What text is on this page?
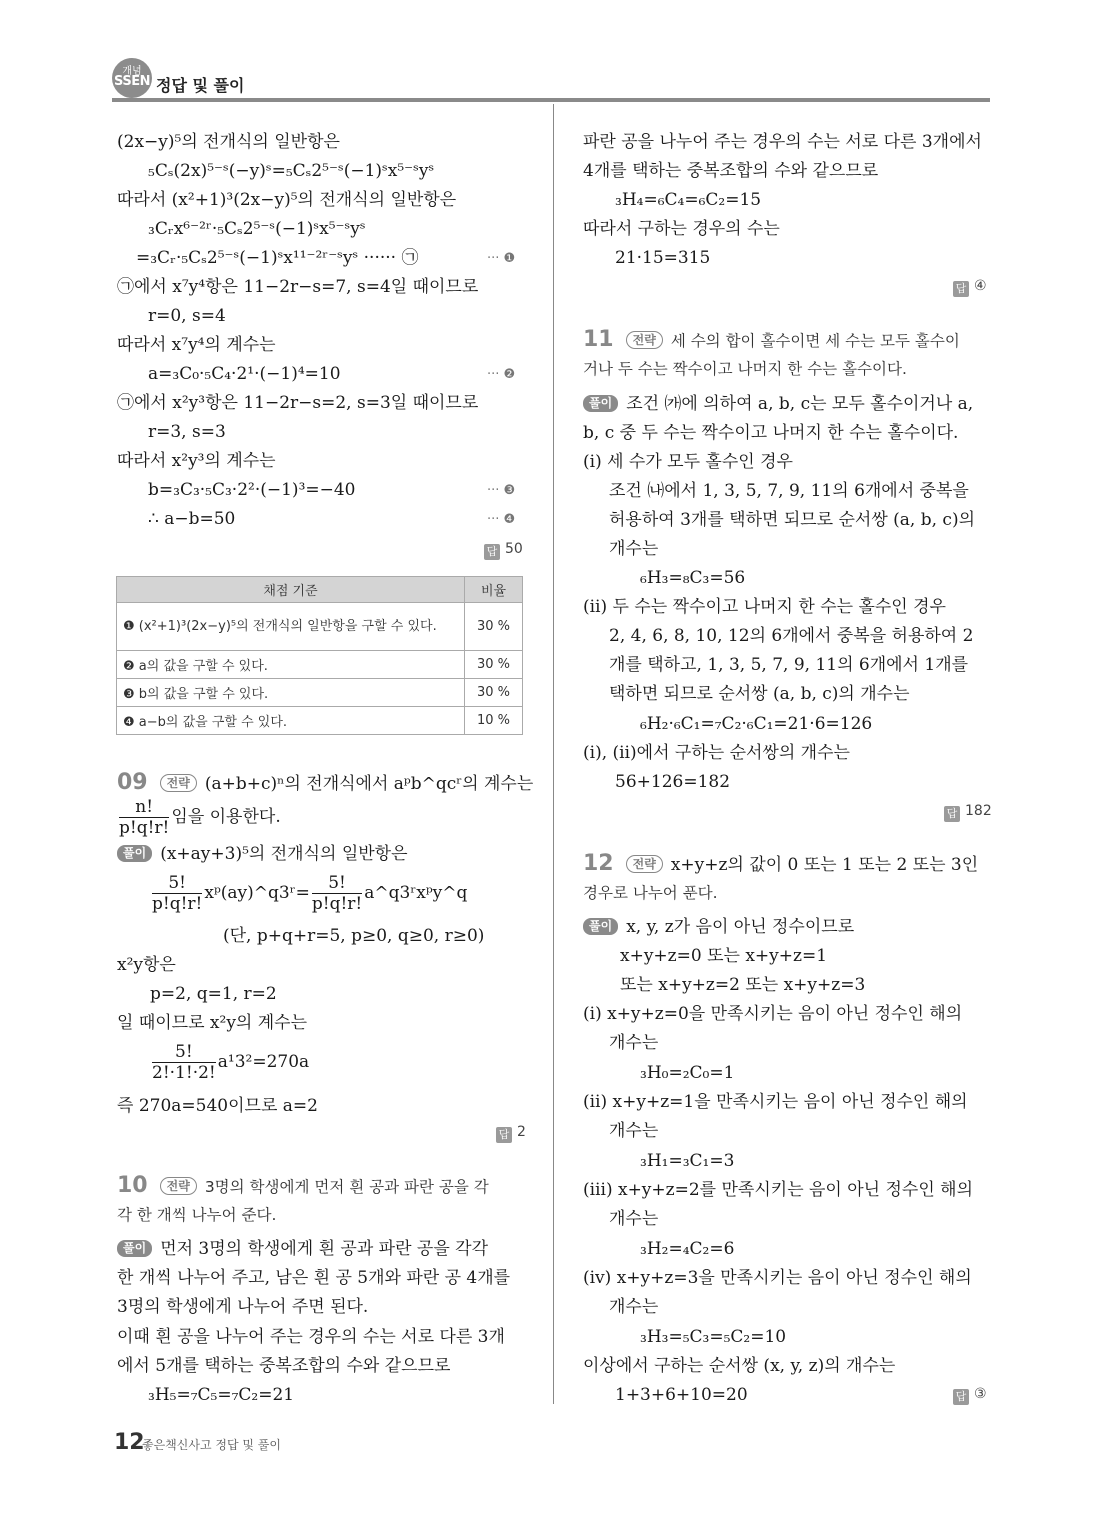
개념
SSEN 정답 및 풀이
(2x−y)⁵의 전개식의 일반항은
₅Cₛ(2x)⁵⁻ˢ(−y)ˢ=₅Cₛ2⁵⁻ˢ(−1)ˢx⁵⁻ˢyˢ
따라서 (x²+1)³(2x−y)⁵의 전개식의 일반항은
₃Cᵣx⁶⁻²ʳ·₅Cₛ2⁵⁻ˢ(−1)ˢx⁵⁻ˢyˢ
=₃Cᵣ·₅Cₛ2⁵⁻ˢ(−1)ˢx¹¹⁻²ʳ⁻ˢyˢ ······ ㉠	··· ❶
㉠에서 x⁷y⁴항은 11−2r−s=7, s=4일 때이므로
r=0, s=4
따라서 x⁷y⁴의 계수는
a=₃C₀·₅C₄·2¹·(−1)⁴=10	··· ❷
㉠에서 x²y³항은 11−2r−s=2, s=3일 때이므로
r=3, s=3
따라서 x²y³의 계수는
b=₃C₃·₅C₃·2²·(−1)³=−40	··· ❸
∴ a−b=50	··· ❹
답 50
채점 기준	비율
❶ (x²+1)³(2x−y)⁵의 전개식의 일반항을 구할 수 있다.	30 %
❷ a의 값을 구할 수 있다.	30 %
❸ b의 값을 구할 수 있다.	30 %
❹ a−b의 값을 구할 수 있다.	10 %
09 전략 (a+b+c)ⁿ의 전개식에서 aᵖb^qcʳ의 계수는
$\frac{n!}{p!q!r!}$ 임을 이용한다.
풀이 (x+ay+3)⁵의 전개식의 일반항은
$\frac{5!}{p!q!r!}$ xᵖ(ay)^q3ʳ= $\frac{5!}{p!q!r!}$ a^q3ʳxᵖy^q
(단, p+q+r=5, p≥0, q≥0, r≥0)
x²y항은
p=2, q=1, r=2
일 때이므로 x²y의 계수는
$\frac{5!}{2!\cdot 1!\cdot 2!} a^13^2=270a$
즉 270a=540이므로 a=2
답 2
10 전략 3명의 학생에게 먼저 흰 공과 파란 공을 각
각 한 개씩 나누어 준다.
풀이 먼저 3명의 학생에게 흰 공과 파란 공을 각각
한 개씩 나누어 주고, 남은 흰 공 5개와 파란 공 4개를
3명의 학생에게 나누어 주면 된다.
이때 흰 공을 나누어 주는 경우의 수는 서로 다른 3개
에서 5개를 택하는 중복조합의 수와 같으므로
₃H₅=₇C₅=₇C₂=21
파란 공을 나누어 주는 경우의 수는 서로 다른 3개에서
4개를 택하는 중복조합의 수와 같으므로
₃H₄=₆C₄=₆C₂=15
따라서 구하는 경우의 수는
21·15=315
답 ④
11 전략 세 수의 합이 홀수이면 세 수는 모두 홀수이
거나 두 수는 짝수이고 나머지 한 수는 홀수이다.
풀이 조건 ㈎에 의하여 a, b, c는 모두 홀수이거나 a,
b, c 중 두 수는 짝수이고 나머지 한 수는 홀수이다.
(ⅰ) 세 수가 모두 홀수인 경우
조건 ㈏에서 1, 3, 5, 7, 9, 11의 6개에서 중복을
허용하여 3개를 택하면 되므로 순서쌍 (a, b, c)의
개수는
₆H₃=₈C₃=56
(ⅱ) 두 수는 짝수이고 나머지 한 수는 홀수인 경우
2, 4, 6, 8, 10, 12의 6개에서 중복을 허용하여 2
개를 택하고, 1, 3, 5, 7, 9, 11의 6개에서 1개를
택하면 되므로 순서쌍 (a, b, c)의 개수는
₆H₂·₆C₁=₇C₂·₆C₁=21·6=126
(ⅰ), (ⅱ)에서 구하는 순서쌍의 개수는
56+126=182
답 182
12 전략 x+y+z의 값이 0 또는 1 또는 2 또는 3인
경우로 나누어 푼다.
풀이 x, y, z가 음이 아닌 정수이므로
x+y+z=0 또는 x+y+z=1
또는 x+y+z=2 또는 x+y+z=3
(ⅰ) x+y+z=0을 만족시키는 음이 아닌 정수인 해의
개수는
₃H₀=₂C₀=1
(ⅱ) x+y+z=1을 만족시키는 음이 아닌 정수인 해의
개수는
₃H₁=₃C₁=3
(ⅲ) x+y+z=2를 만족시키는 음이 아닌 정수인 해의
개수는
₃H₂=₄C₂=6
(ⅳ) x+y+z=3을 만족시키는 음이 아닌 정수인 해의
개수는
₃H₃=₅C₃=₅C₂=10
이상에서 구하는 순서쌍 (x, y, z)의 개수는
1+3+6+10=20	답 ③
12
좋은책신사고 정답 및 풀이
